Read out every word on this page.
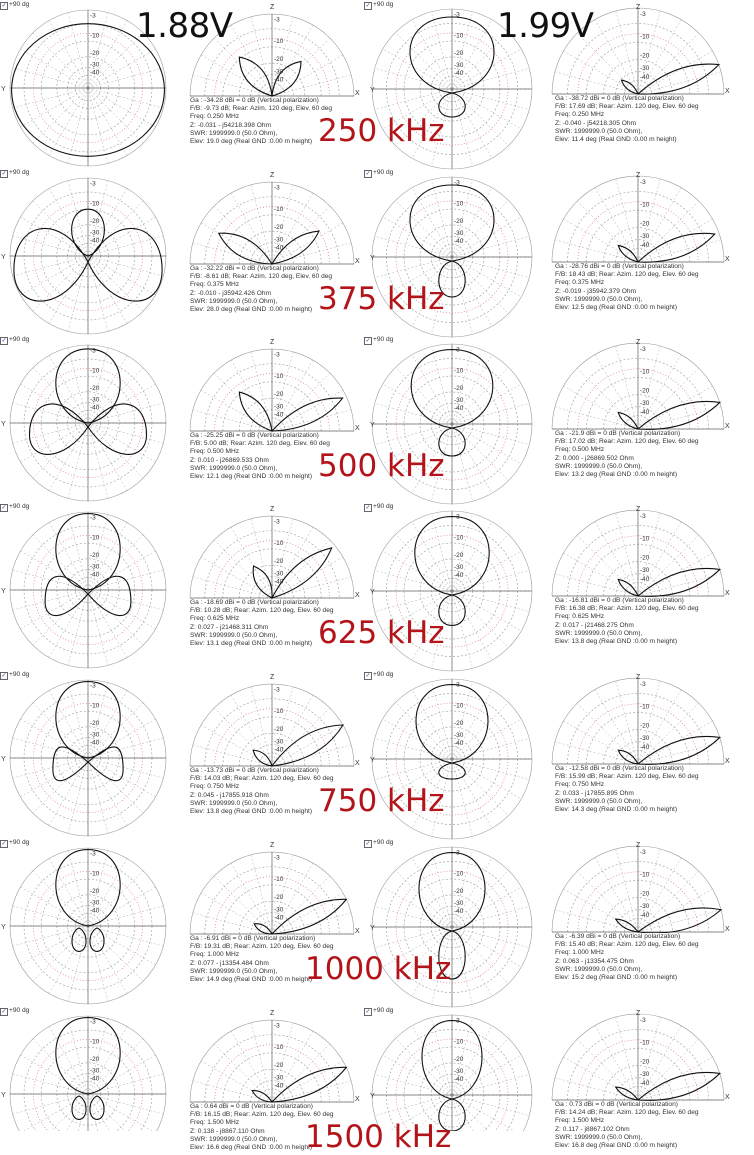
-3
-10
-20
-30
-40
Y
-3
-10
-20
-30
-40
Z
X
-3
-10
-20
-30
-40
Y
-3
-10
-20
-30
-40
Z
X
-3
-10
-20
-30
-40
Y
-3
-10
-20
-30
-40
Z
X
-3
-10
-20
-30
-40
Y
-3
-10
-20
-30
-40
Z
X
-3
-10
-20
-30
-40
Y
-3
-10
-20
-30
-40
Z
X
-3
-10
-20
-30
-40
Y
-3
-10
-20
-30
-40
Z
X
-3
-10
-20
-30
-40
Y
-3
-10
-20
-30
-40
Z
X
-3
-10
-20
-30
-40
Y
-3
-10
-20
-30
-40
Z
X
-3
-10
-20
-30
-40
Y
-3
-10
-20
-30
-40
Z
X
-3
-10
-20
-30
-40
Y
-3
-10
-20
-30
-40
Z
X
-3
-10
-20
-30
-40
Y
-3
-10
-20
-30
-40
Z
X
-3
-10
-20
-30
-40
Y
-3
-10
-20
-30
-40
Z
X
-3
-10
-20
-30
-40
Y
-3
-10
-20
-30
-40
Z
X
-3
-10
-20
-30
-40
Y
-3
-10
-20
-30
-40
Z
X
1.88V	1.99V
✓ +90 dg	✓ +90 dg
Ga : -34.28 dBi = 0 dB (Vertical polarization)
F/B: -9.73 dB; Rear: Azim. 120 deg, Elev. 60 deg
Freq: 0.250 MHz
Z: -0.031 - j54218.398 Ohm
SWR: 1999999.0 (50.0 Ohm),
Elev: 19.0 deg (Real GND :0.00 m height)
Ga : -38.72 dBi = 0 dB (Vertical polarization)
F/B: 17.69 dB; Rear: Azim. 120 deg, Elev. 60 deg
Freq: 0.250 MHz
Z: -0.040 - j54218.305 Ohm
SWR: 1999999.0 (50.0 Ohm),
Elev: 11.4 deg (Real GND :0.00 m height)
250 kHz
✓ +90 dg	✓ +90 dg
Ga : -32.22 dBi = 0 dB (Vertical polarization)
F/B: -8.61 dB; Rear: Azim. 120 deg, Elev. 60 deg
Freq: 0.375 MHz
Z: -0.010 - j35942.426 Ohm
SWR: 1999999.0 (50.0 Ohm),
Elev: 28.0 deg (Real GND :0.00 m height)
Ga : -28.76 dBi = 0 dB (Vertical polarization)
F/B: 18.43 dB; Rear: Azim. 120 deg, Elev. 60 deg
Freq: 0.375 MHz
Z: -0.019 - j35942.379 Ohm
SWR: 1999999.0 (50.0 Ohm),
Elev: 12.5 deg (Real GND :0.00 m height)
375 kHz
✓ +90 dg	✓ +90 dg
Ga : -25.25 dBi = 0 dB (Vertical polarization)
F/B: 5.00 dB; Rear: Azim. 120 deg, Elev. 60 deg
Freq: 0.500 MHz
Z: 0.010 - j26869.533 Ohm
SWR: 1999999.0 (50.0 Ohm),
Elev: 12.1 deg (Real GND :0.00 m height)
Ga : -21.9 dBi = 0 dB (Vertical polarization)
F/B: 17.02 dB; Rear: Azim. 120 deg, Elev. 60 deg
Freq: 0.500 MHz
Z: 0.000 - j26869.502 Ohm
SWR: 1999999.0 (50.0 Ohm),
Elev: 13.2 deg (Real GND :0.00 m height)
500 kHz
✓ +90 dg	✓ +90 dg
Ga : -18.69 dBi = 0 dB (Vertical polarization)
F/B: 10.28 dB; Rear: Azim. 120 deg, Elev. 60 deg
Freq: 0.625 MHz
Z: 0.027 - j21468.311 Ohm
SWR: 1999999.0 (50.0 Ohm),
Elev: 13.1 deg (Real GND :0.00 m height)
Ga : -16.81 dBi = 0 dB (Vertical polarization)
F/B: 16.38 dB; Rear: Azim. 120 deg, Elev. 60 deg
Freq: 0.625 MHz
Z: 0.017 - j21468.275 Ohm
SWR: 1999999.0 (50.0 Ohm),
Elev: 13.8 deg (Real GND :0.00 m height)
625 kHz
✓ +90 dg	✓ +90 dg
Ga : -13.73 dBi = 0 dB (Vertical polarization)
F/B: 14.03 dB; Rear: Azim. 120 deg, Elev. 60 deg
Freq: 0.750 MHz
Z: 0.045 - j17855.918 Ohm
SWR: 1999999.0 (50.0 Ohm),
Elev: 13.8 deg (Real GND :0.00 m height)
Ga : -12.58 dBi = 0 dB (Vertical polarization)
F/B: 15.99 dB; Rear: Azim. 120 deg, Elev. 60 deg
Freq: 0.750 MHz
Z: 0.033 - j17855.895 Ohm
SWR: 1999999.0 (50.0 Ohm),
Elev: 14.3 deg (Real GND :0.00 m height)
750 kHz
✓ +90 dg	✓ +90 dg
Ga : -6.91 dBi = 0 dB (Vertical polarization)
F/B: 19.31 dB; Rear: Azim. 120 deg, Elev. 60 deg
Freq: 1.000 MHz
Z: 0.077 - j13354.484 Ohm
SWR: 1999999.0 (50.0 Ohm),
Elev: 14.9 deg (Real GND :0.00 m height)
Ga : -6.39 dBi = 0 dB (Vertical polarization)
F/B: 15.40 dB; Rear: Azim. 120 deg, Elev. 60 deg
Freq: 1.000 MHz
Z: 0.063 - j13354.475 Ohm
SWR: 1999999.0 (50.0 Ohm),
Elev: 15.2 deg (Real GND :0.00 m height)
1000 kHz
✓ +90 dg	✓ +90 dg
Ga : 0.64 dBi = 0 dB (Vertical polarization)
F/B: 16.15 dB; Rear: Azim. 120 deg, Elev. 60 deg
Freq: 1.500 MHz
Z: 0.138 - j8867.110 Ohm
SWR: 1999999.0 (50.0 Ohm),
Elev: 16.6 deg (Real GND :0.00 m height)
Ga : 0.73 dBi = 0 dB (Vertical polarization)
F/B: 14.24 dB; Rear: Azim. 120 deg, Elev. 60 deg
Freq: 1.500 MHz
Z: 0.117 - j8867.102 Ohm
SWR: 1999999.0 (50.0 Ohm),
Elev: 16.8 deg (Real GND :0.00 m height)
1500 kHz
